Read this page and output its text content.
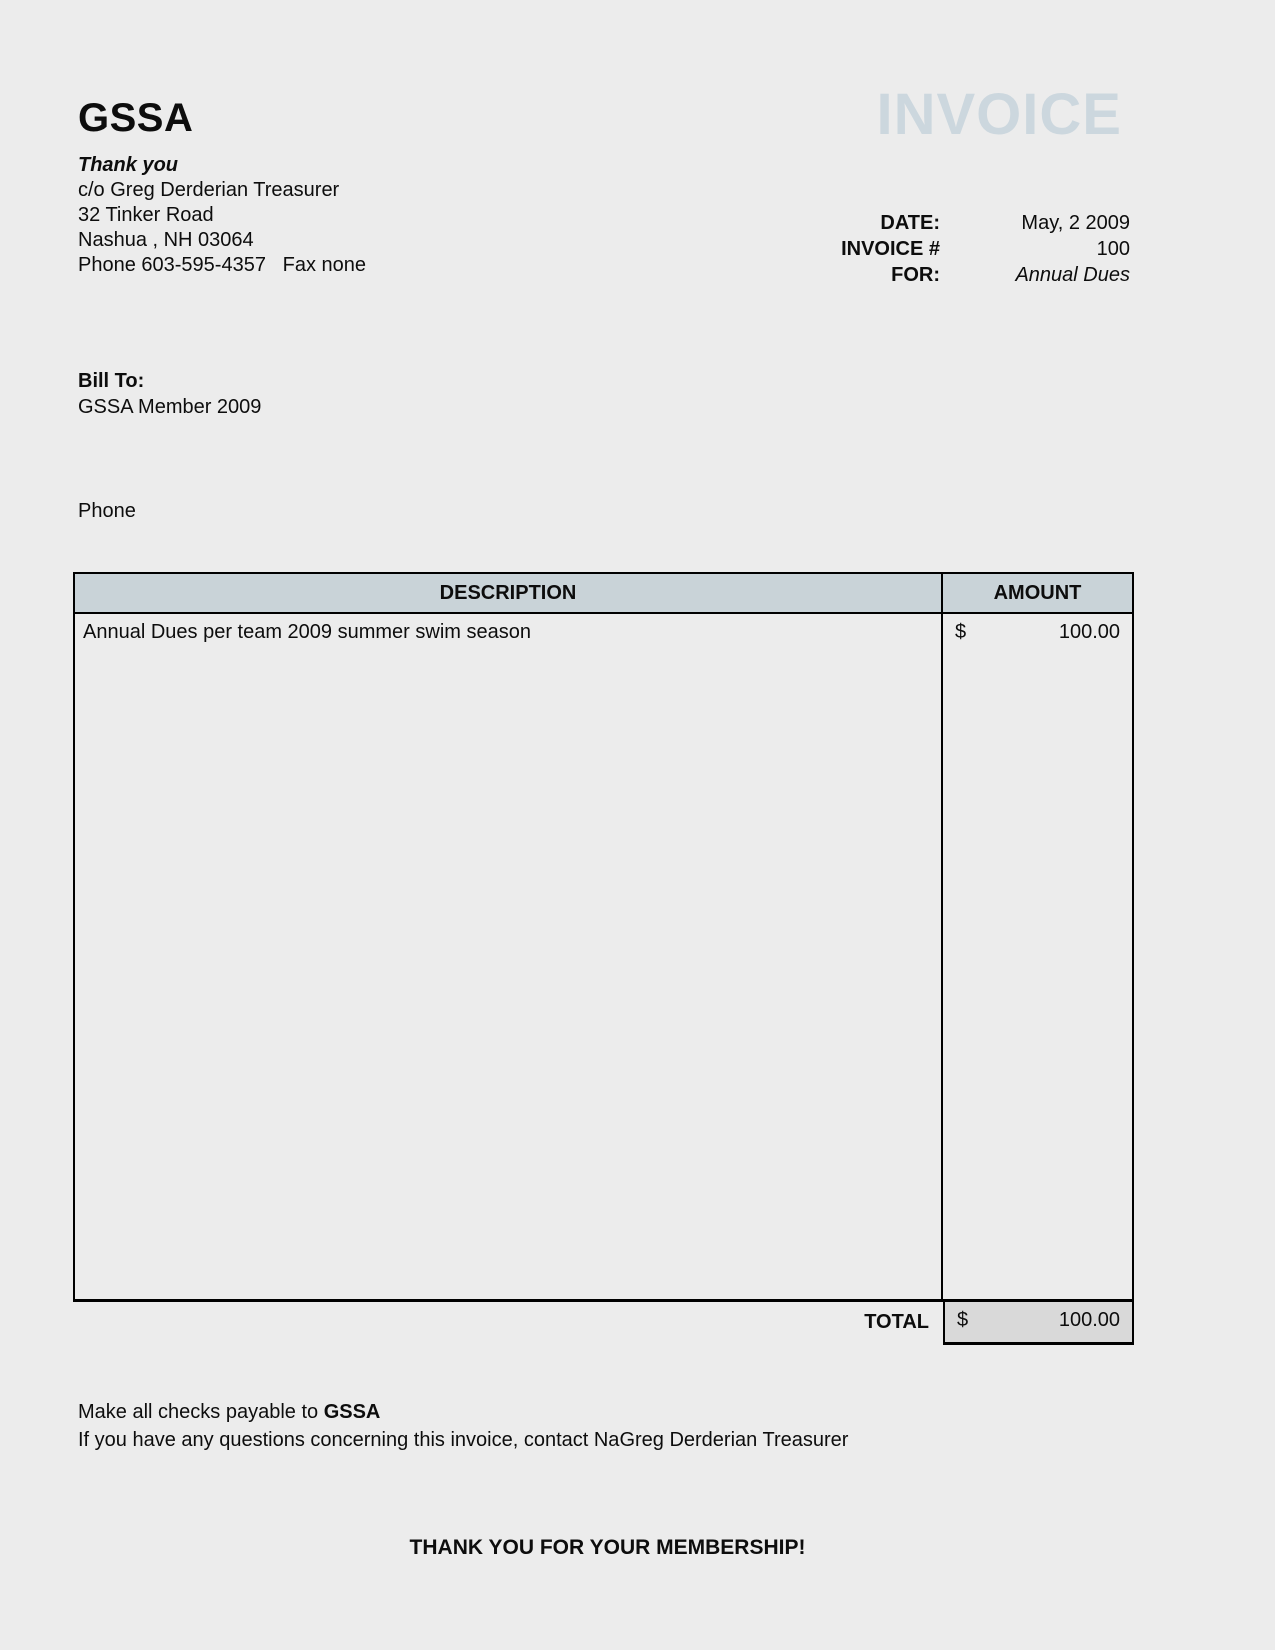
GSSA
Thank you
c/o Greg Derderian Treasurer
32 Tinker Road
Nashua , NH 03064
Phone 603-595-4357   Fax none
INVOICE
DATE:	May, 2 2009
INVOICE #	100
FOR:	Annual Dues
Bill To:
GSSA Member 2009
Phone
DESCRIPTION	AMOUNT
Annual Dues per team 2009 summer swim season	$	100.00
TOTAL	$	100.00
Make all checks payable to GSSA
If you have any questions concerning this invoice, contact NaGreg Derderian Treasurer
THANK YOU FOR YOUR MEMBERSHIP!
